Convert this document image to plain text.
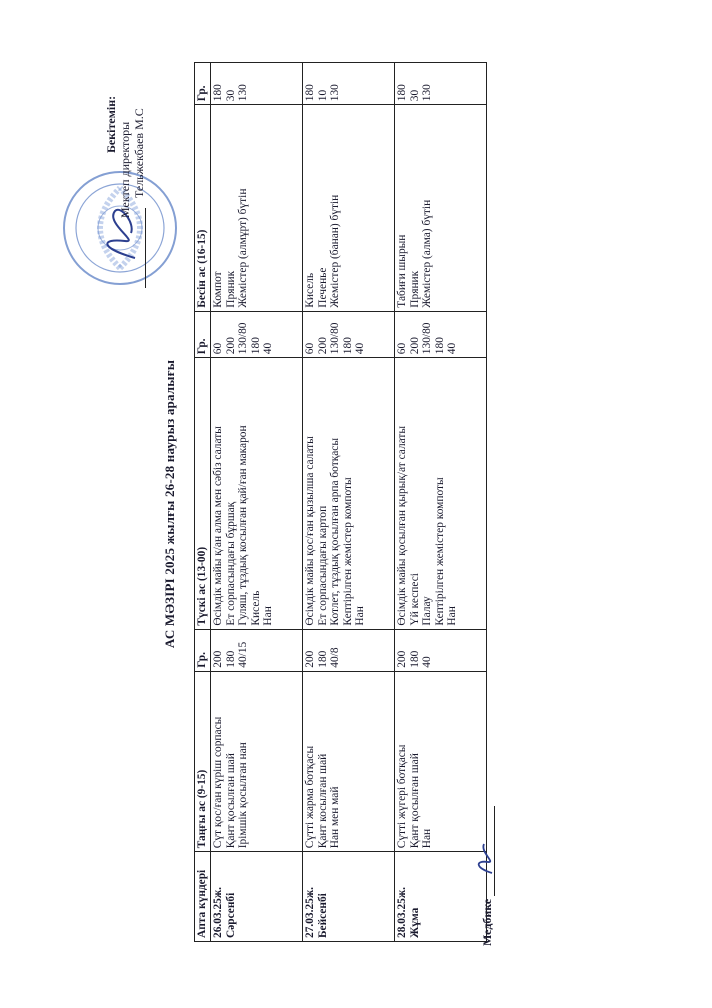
Бекітемін: Мектеп директоры Тельжекбаев М.С
АС МӘЗІРІ 2025 жылғы 26-28 наурыз аралығы
Апта күндері	Таңғы ас (9-15)	Гр.	Түскі ас (13-00)	Гр.	Бесін ас (16-15)	Гр.

26.03.25ж. Сәрсенбі	Сүт қос/ған күріш сорпасы Қант қосылған шай Ірімшік қосылған нан	200 180 40/15	Өсімдік майы қ/ан алма мен сәбіз салаты Ет сорпасындағы бұршақ Гуляш, тұздық косылған қай/ған макарон Кисель Нан	60 200 130/80 180 40	Компот Пряник Жемістер (алмұрт) бүтін	180 30 130

27.03.25ж. Бейсенбі	Сүтті жарма ботқасы Қант косылған шай Нан мен май	200 180 40/8	Өсімдік майы қос/ған қызылша салаты Ет сорпасындағы картоп Котлет, тұздық қосылған арпа ботқасы Кептірілген жемістер компоты Нан	60 200 130/80 180 40	Кисель Печенье Жемістер (банан) бүтін	180 10 130

28.03.25ж. Жұма	Сүтті жүгері ботқасы Қант қосылған шай Нан	200 180 40	Өсімдік майы қосылған қырық/ат салаты Үй кеспесі Палау Кептірілген жемістер компоты Нан	60 200 130/80 180 40	Табиғи шырын Пряник Жемістер (алма) бүтін	180 30 130
Медбике
